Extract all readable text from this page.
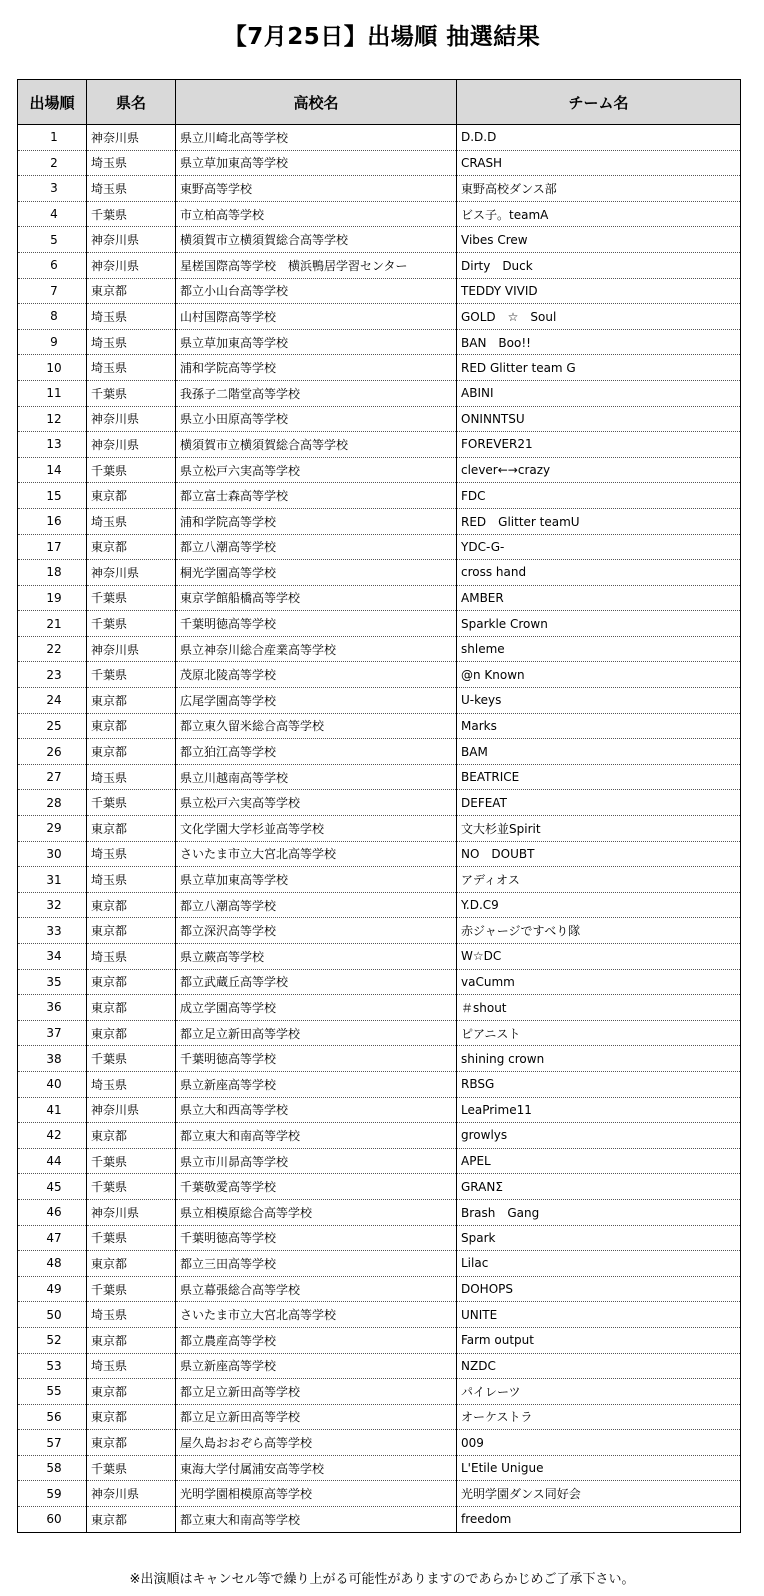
【7月25日】出場順 抽選結果
出場順	県名	高校名	チーム名
1	神奈川県	県立川崎北高等学校	D.D.D
2	埼玉県	県立草加東高等学校	CRASH
3	埼玉県	東野高等学校	東野高校ダンス部
4	千葉県	市立柏高等学校	ビス子。teamA
5	神奈川県	横須賀市立横須賀総合高等学校	Vibes Crew
6	神奈川県	星槎国際高等学校　横浜鴨居学習センター	Dirty　Duck
7	東京都	都立小山台高等学校	TEDDY VIVID
8	埼玉県	山村国際高等学校	GOLD　☆　Soul
9	埼玉県	県立草加東高等学校	BAN　Boo!!
10	埼玉県	浦和学院高等学校	RED Glitter team G
11	千葉県	我孫子二階堂高等学校	ABINI
12	神奈川県	県立小田原高等学校	ONINNTSU
13	神奈川県	横須賀市立横須賀総合高等学校	FOREVER21
14	千葉県	県立松戸六実高等学校	clever←→crazy
15	東京都	都立富士森高等学校	FDC
16	埼玉県	浦和学院高等学校	RED　Glitter teamU
17	東京都	都立八潮高等学校	YDC-G-
18	神奈川県	桐光学園高等学校	cross hand
19	千葉県	東京学館船橋高等学校	AMBER
21	千葉県	千葉明徳高等学校	Sparkle Crown
22	神奈川県	県立神奈川総合産業高等学校	shleme
23	千葉県	茂原北陵高等学校	@n Known
24	東京都	広尾学園高等学校	U-keys
25	東京都	都立東久留米総合高等学校	Marks
26	東京都	都立狛江高等学校	BAM
27	埼玉県	県立川越南高等学校	BEATRICE
28	千葉県	県立松戸六実高等学校	DEFEAT
29	東京都	文化学園大学杉並高等学校	文大杉並Spirit
30	埼玉県	さいたま市立大宮北高等学校	NO　DOUBT
31	埼玉県	県立草加東高等学校	アディオス
32	東京都	都立八潮高等学校	Y.D.C9
33	東京都	都立深沢高等学校	赤ジャージですべり隊
34	埼玉県	県立蕨高等学校	W☆DC
35	東京都	都立武蔵丘高等学校	vaCumm
36	東京都	成立学園高等学校	＃shout
37	東京都	都立足立新田高等学校	ピアニスト
38	千葉県	千葉明徳高等学校	shining crown
40	埼玉県	県立新座高等学校	RBSG
41	神奈川県	県立大和西高等学校	LeaPrime11
42	東京都	都立東大和南高等学校	growlys
44	千葉県	県立市川昴高等学校	APEL
45	千葉県	千葉敬愛高等学校	GRANΣ
46	神奈川県	県立相模原総合高等学校	Brash　Gang
47	千葉県	千葉明徳高等学校	Spark
48	東京都	都立三田高等学校	Lilac
49	千葉県	県立幕張総合高等学校	DOHOPS
50	埼玉県	さいたま市立大宮北高等学校	UNITE
52	東京都	都立農産高等学校	Farm output
53	埼玉県	県立新座高等学校	NZDC
55	東京都	都立足立新田高等学校	パイレーツ
56	東京都	都立足立新田高等学校	オーケストラ
57	東京都	屋久島おおぞら高等学校	009
58	千葉県	東海大学付属浦安高等学校	L'Etile Unigue
59	神奈川県	光明学園相模原高等学校	光明学園ダンス同好会
60	東京都	都立東大和南高等学校	freedom
※出演順はキャンセル等で繰り上がる可能性がありますのであらかじめご了承下さい。
